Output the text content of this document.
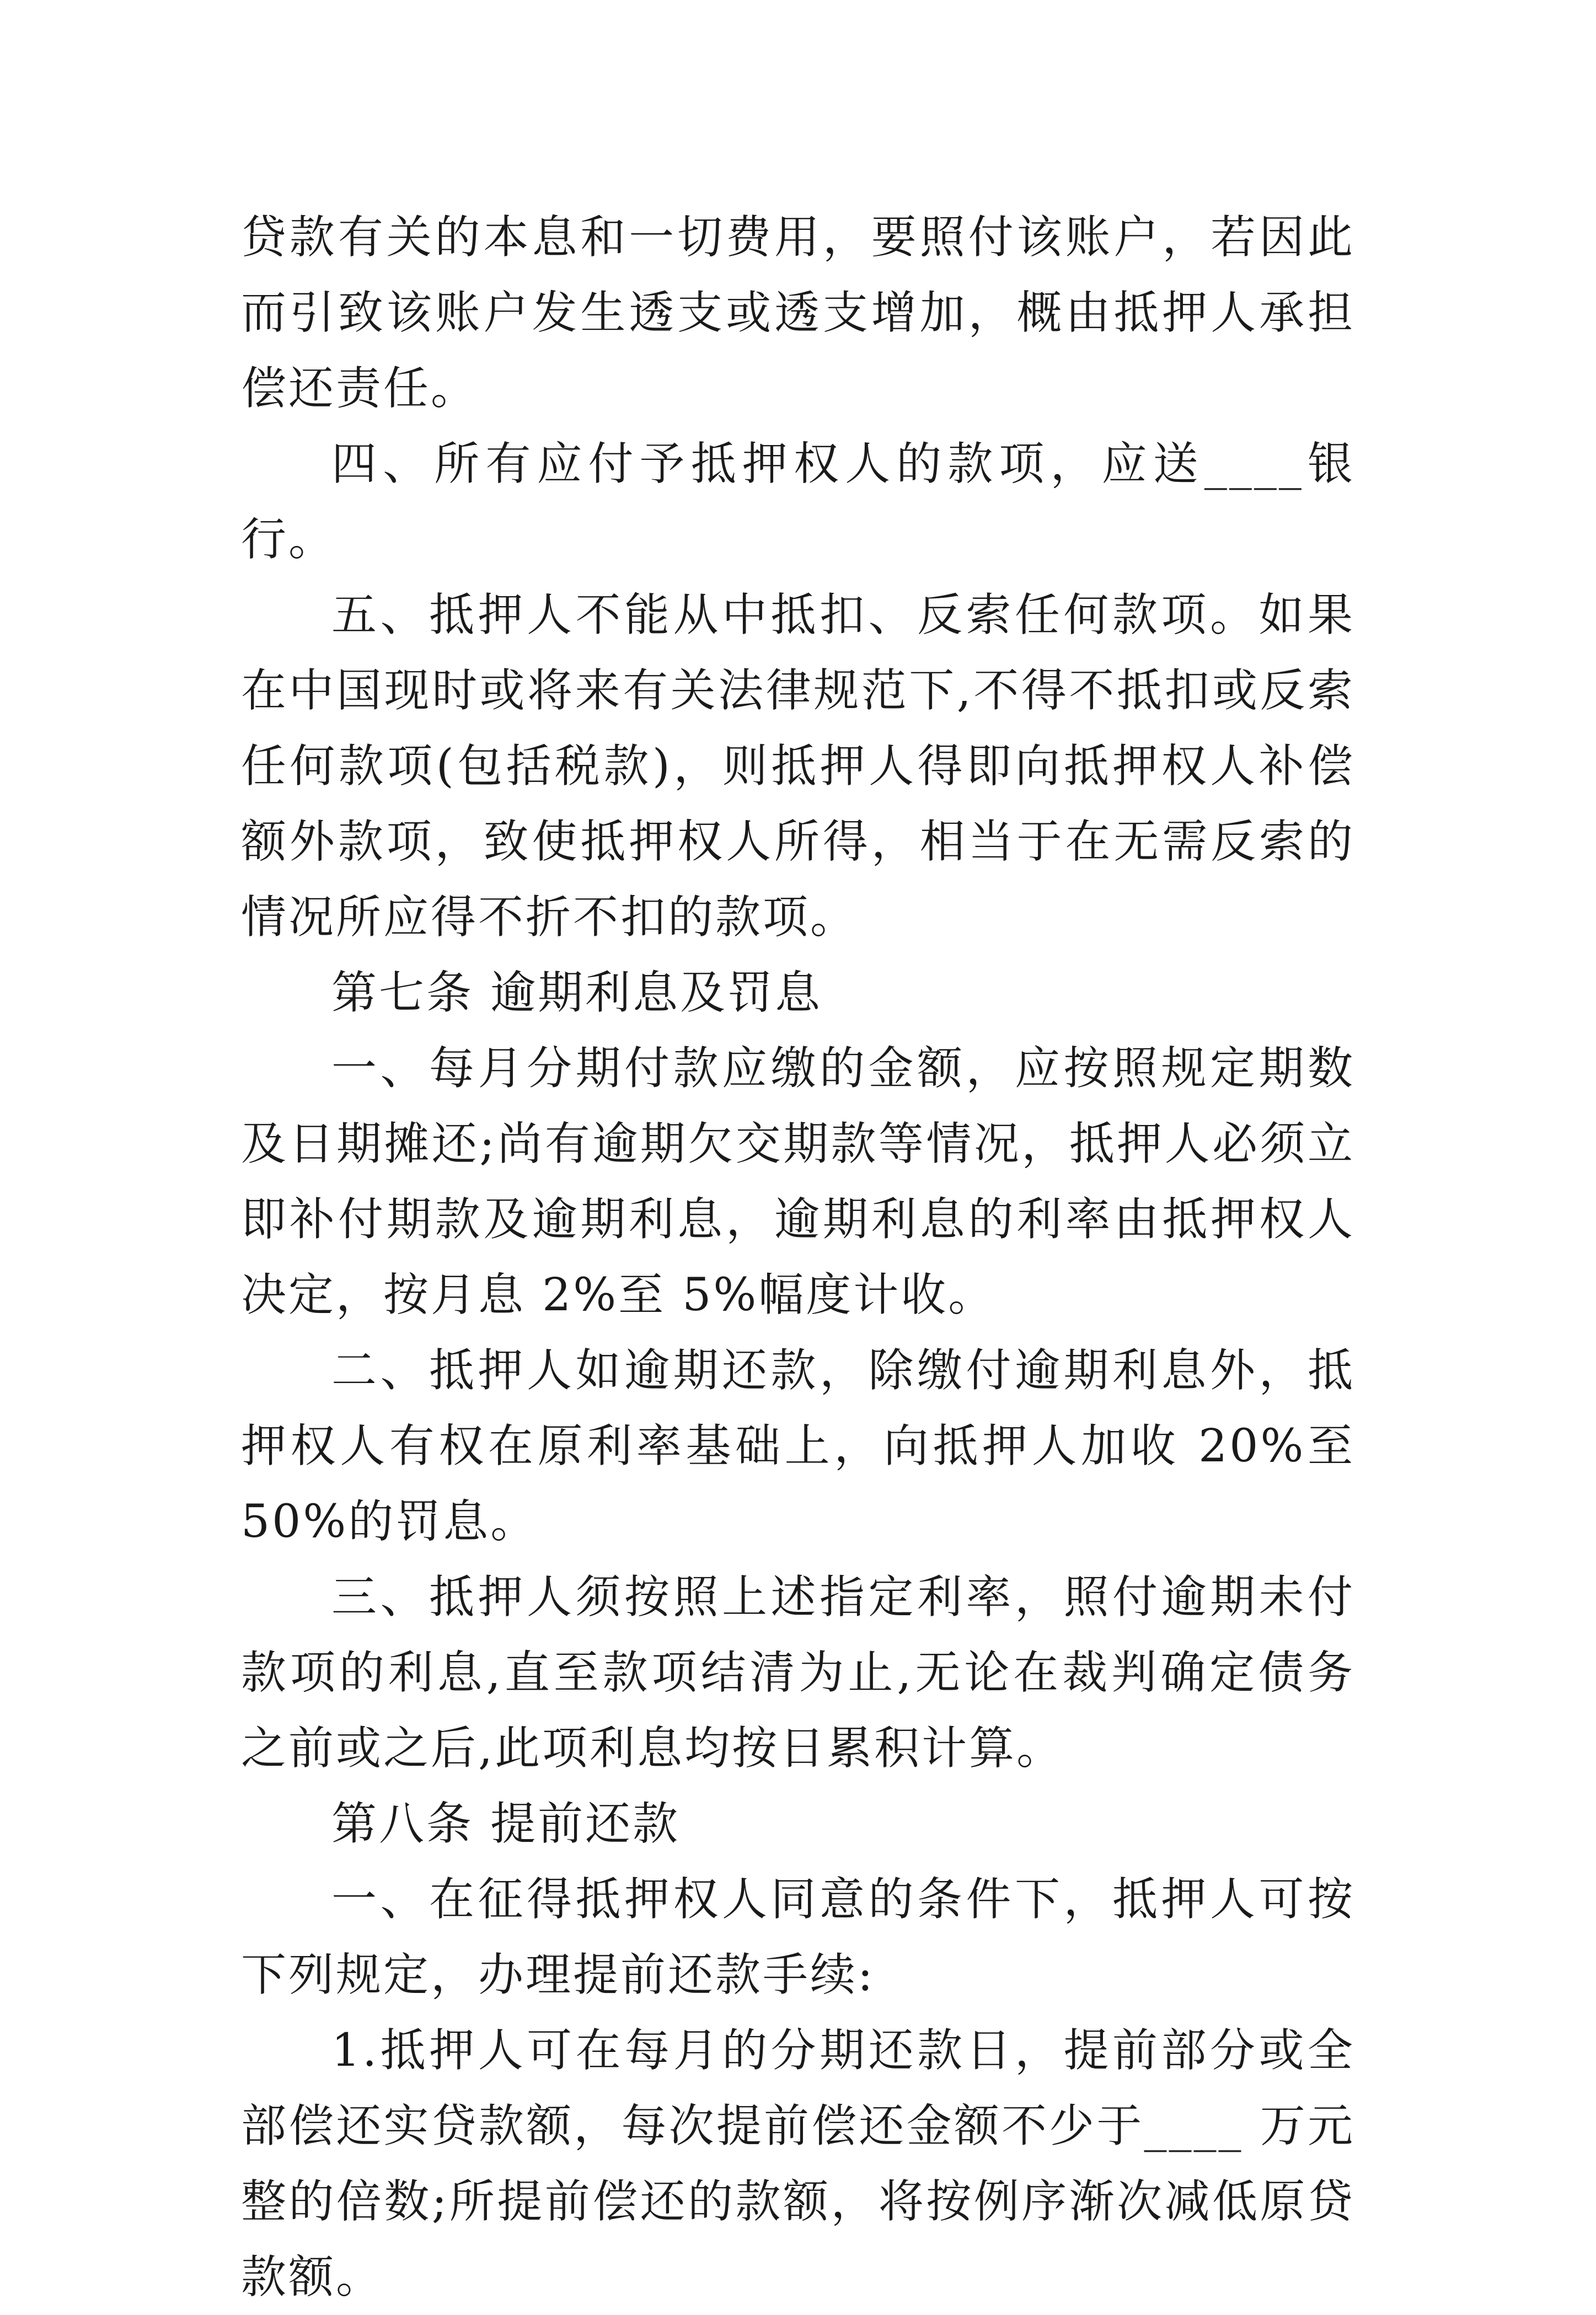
贷款有关的本息和一切费用，要照付该账户，若因此而引致该账户发生透支或透支增加，概由抵押人承担偿还责任。

四、所有应付予抵押权人的款项，应送____银行。

五、抵押人不能从中抵扣、反索任何款项。如果在中国现时或将来有关法律规范下,不得不抵扣或反索任何款项(包括税款)，则抵押人得即向抵押权人补偿额外款项，致使抵押权人所得，相当于在无需反索的情况所应得不折不扣的款项。

第七条 逾期利息及罚息

一、每月分期付款应缴的金额，应按照规定期数及日期摊还;尚有逾期欠交期款等情况，抵押人必须立即补付期款及逾期利息，逾期利息的利率由抵押权人决定，按月息 2%至 5%幅度计收。

二、抵押人如逾期还款，除缴付逾期利息外，抵押权人有权在原利率基础上，向抵押人加收 20%至 50%的罚息。

三、抵押人须按照上述指定利率，照付逾期未付款项的利息,直至款项结清为止,无论在裁判确定债务之前或之后,此项利息均按日累积计算。

第八条 提前还款

一、在征得抵押权人同意的条件下，抵押人可按下列规定，办理提前还款手续:

1.抵押人可在每月的分期还款日，提前部分或全部偿还实贷款额，每次提前偿还金额不少于____ 万元整的倍数;所提前偿还的款额，将按例序渐次减低原贷款额。
